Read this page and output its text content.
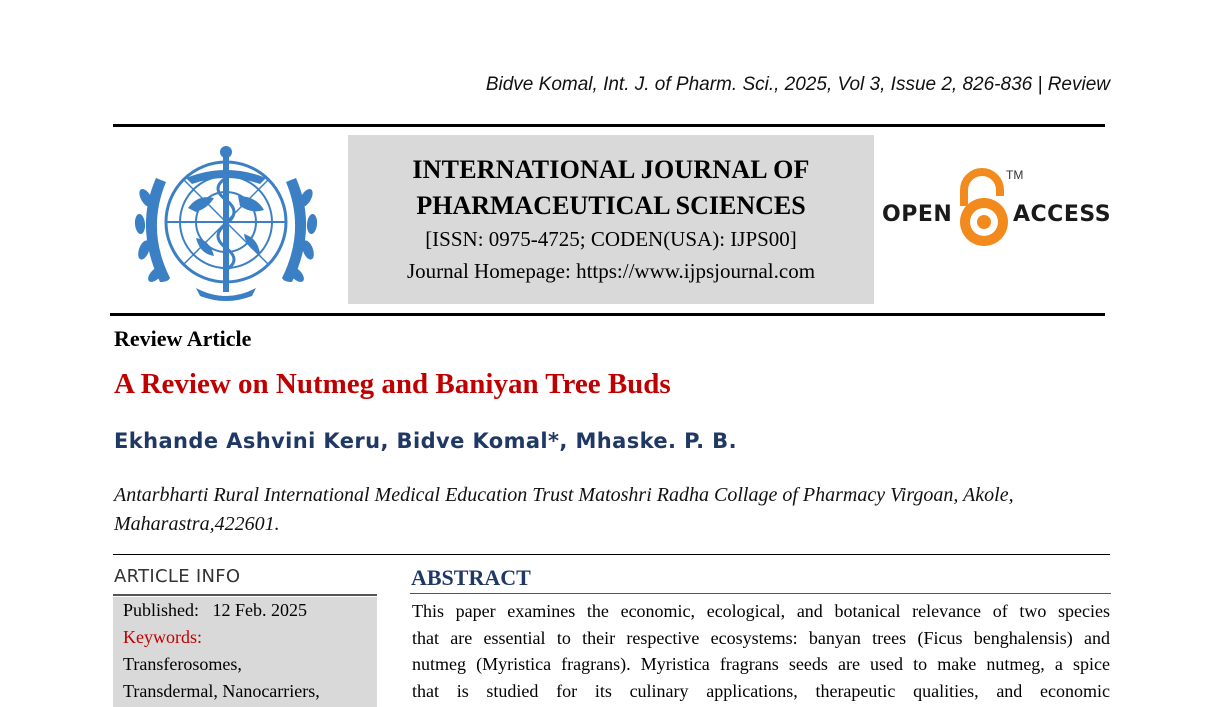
Bidve Komal, Int. J. of Pharm. Sci., 2025, Vol 3, Issue 2, 826-836 | Review
INTERNATIONAL JOURNAL OF
PHARMACEUTICAL SCIENCES
[ISSN: 0975-4725; CODEN(USA): IJPS00]
Journal Homepage: https://www.ijpsjournal.com
OPEN
TM
ACCESS
Review Article
A Review on Nutmeg and Baniyan Tree Buds
Ekhande Ashvini Keru, Bidve Komal*, Mhaske. P. B.
Antarbharti Rural International Medical Education Trust Matoshri Radha Collage of Pharmacy Virgoan, Akole,
Maharastra,422601.
ARTICLE INFO
Published: 12 Feb. 2025
Keywords:
Transferosomes,
Transdermal, Nanocarriers,
ABSTRACT
This paper examines the economic, ecological, and botanical relevance of two species
that are essential to their respective ecosystems: banyan trees (Ficus benghalensis) and
nutmeg (Myristica fragrans). Myristica fragrans seeds are used to make nutmeg, a spice
that is studied for its culinary applications, therapeutic qualities, and economic
